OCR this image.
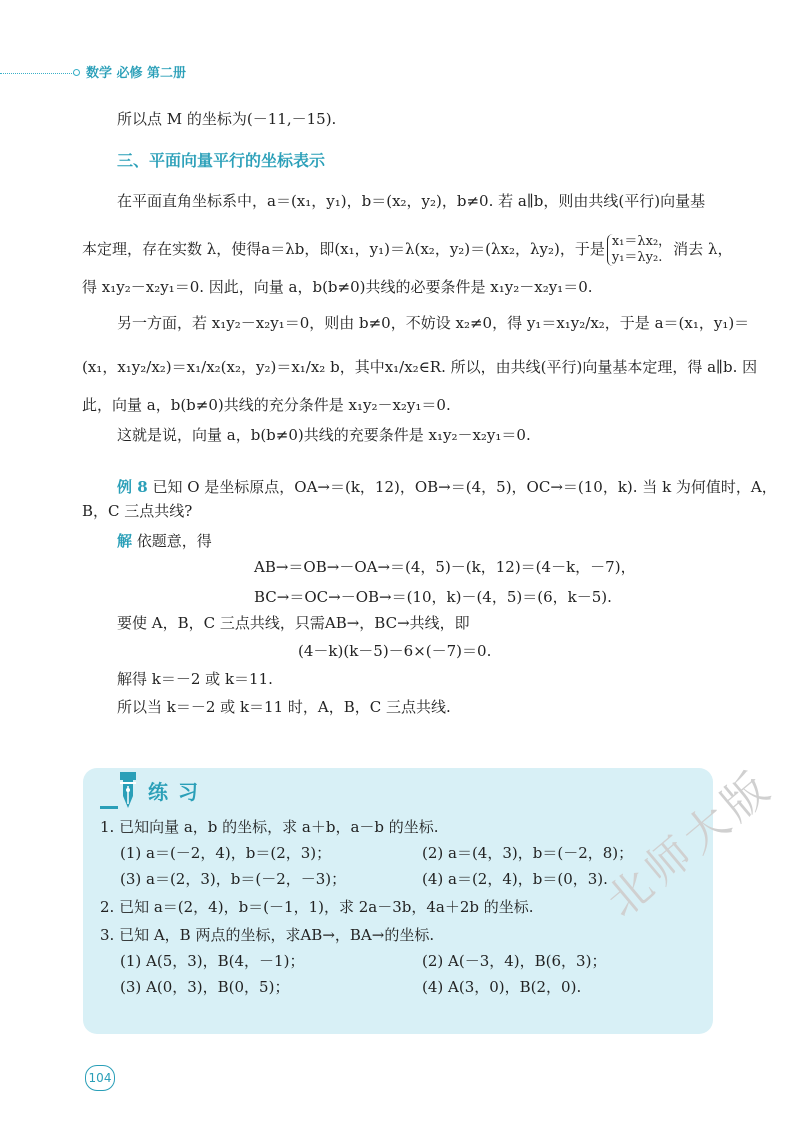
数学 必修 第二册
所以点 M 的坐标为(－11,－15).
三、平面向量平行的坐标表示
在平面直角坐标系中，a＝(x₁，y₁)，b＝(x₂，y₂)，b≠0. 若 a∥b，则由共线(平行)向量基
本定理，存在实数 λ，使得a＝λb，即(x₁，y₁)＝λ(x₂，y₂)＝(λx₂，λy₂)，于是 x₁＝λx₂，
y₁＝λy₂. 消去 λ，
得 x₁y₂－x₂y₁＝0. 因此，向量 a，b(b≠0)共线的必要条件是 x₁y₂－x₂y₁＝0.
另一方面，若 x₁y₂－x₂y₁＝0，则由 b≠0，不妨设 x₂≠0，得 y₁＝x₁y₂/x₂，于是 a＝(x₁，y₁)＝
(x₁，x₁y₂/x₂)＝x₁/x₂(x₂，y₂)＝x₁/x₂ b，其中x₁/x₂∈R. 所以，由共线(平行)向量基本定理，得 a∥b. 因
此，向量 a，b(b≠0)共线的充分条件是 x₁y₂－x₂y₁＝0.
这就是说，向量 a，b(b≠0)共线的充要条件是 x₁y₂－x₂y₁＝0.
例 8 已知 O 是坐标原点，OA→＝(k，12)，OB→＝(4，5)，OC→＝(10，k). 当 k 为何值时，A，
B，C 三点共线?
解 依题意，得
AB→＝OB→－OA→＝(4，5)－(k，12)＝(4－k，－7)，
BC→＝OC→－OB→＝(10，k)－(4，5)＝(6，k－5).
要使 A，B，C 三点共线，只需AB→，BC→共线，即
(4－k)(k－5)－6×(－7)＝0.
解得 k＝－2 或 k＝11.
所以当 k＝－2 或 k＝11 时，A，B，C 三点共线.
练习
1. 已知向量 a，b 的坐标，求 a＋b，a－b 的坐标.
(1) a＝(－2，4)，b＝(2，3)；	(2) a＝(4，3)，b＝(－2，8)；
(3) a＝(2，3)，b＝(－2，－3)；	(4) a＝(2，4)，b＝(0，3).
2. 已知 a＝(2，4)，b＝(－1，1)，求 2a－3b，4a＋2b 的坐标.
3. 已知 A，B 两点的坐标，求AB→，BA→的坐标.
(1) A(5，3)，B(4，－1)；	(2) A(－3，4)，B(6，3)；
(3) A(0，3)，B(0，5)；	(4) A(3，0)，B(2，0).
104
北师大版
